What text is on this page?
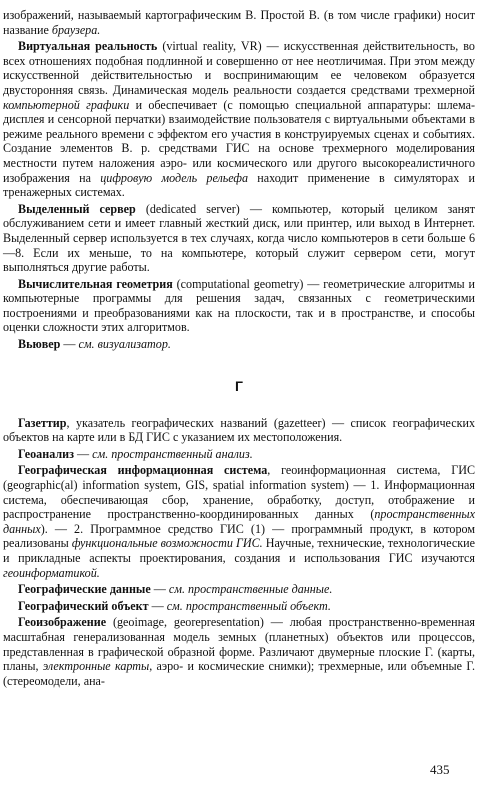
изображений, называемый картографическим В. Простой В. (в том числе графики) носит название браузера.

Виртуальная реальность (virtual reality, VR) — искусственная действительность, во всех отношениях подобная подлинной и совершенно от нее неотличимая. При этом между искусственной действительностью и воспринимающим ее человеком образуется двусторонняя связь. Динамическая модель реальности создается средствами трехмерной компьютерной графики и обеспечивает (с помощью специальной аппаратуры: шлема-дисплея и сенсорной перчатки) взаимодействие пользователя с виртуальными объектами в режиме реального времени с эффектом его участия в конструируемых сценах и событиях. Создание элементов В. р. средствами ГИС на основе трехмерного моделирования местности путем наложения аэро- или космического или другого высокореалистичного изображения на цифровую модель рельефа находит применение в симуляторах и тренажерных системах.

Выделенный сервер (dedicated server) — компьютер, который целиком занят обслуживанием сети и имеет главный жесткий диск, или принтер, или выход в Интернет. Выделенный сервер используется в тех случаях, когда число компьютеров в сети больше 6—8. Если их меньше, то на компьютере, который служит сервером сети, могут выполняться другие работы.

Вычислительная геометрия (computational geometry) — геометрические алгоритмы и компьютерные программы для решения задач, связанных с геометрическими построениями и преобразованиями как на плоскости, так и в пространстве, и способы оценки сложности этих алгоритмов.

Вьювер — см. визуализатор.

Г

Газеттир, указатель географических названий (gazetteer) — список географических объектов на карте или в БД ГИС с указанием их местоположения.

Геоанализ — см. пространственный анализ.

Географическая информационная система, геоинформационная система, ГИС (geographic(al) information system, GIS, spatial information system) — 1. Информационная система, обеспечивающая сбор, хранение, обработку, доступ, отображение и распространение пространственно-координированных данных (пространственных данных). — 2. Программное средство ГИС (1) — программный продукт, в котором реализованы функциональные возможности ГИС. Научные, технические, технологические и прикладные аспекты проектирования, создания и использования ГИС изучаются геоинформатикой.

Географические данные — см. пространственные данные.

Географический объект — см. пространственный объект.

Геоизображение (geoimage, georepresentation) — любая пространственно-временная масштабная генерализованная модель земных (планетных) объектов или процессов, представленная в графической образной форме. Различают двумерные плоские Г. (карты, планы, электронные карты, аэро- и космические снимки); трехмерные, или объемные Г. (стереомодели, ана-

435
